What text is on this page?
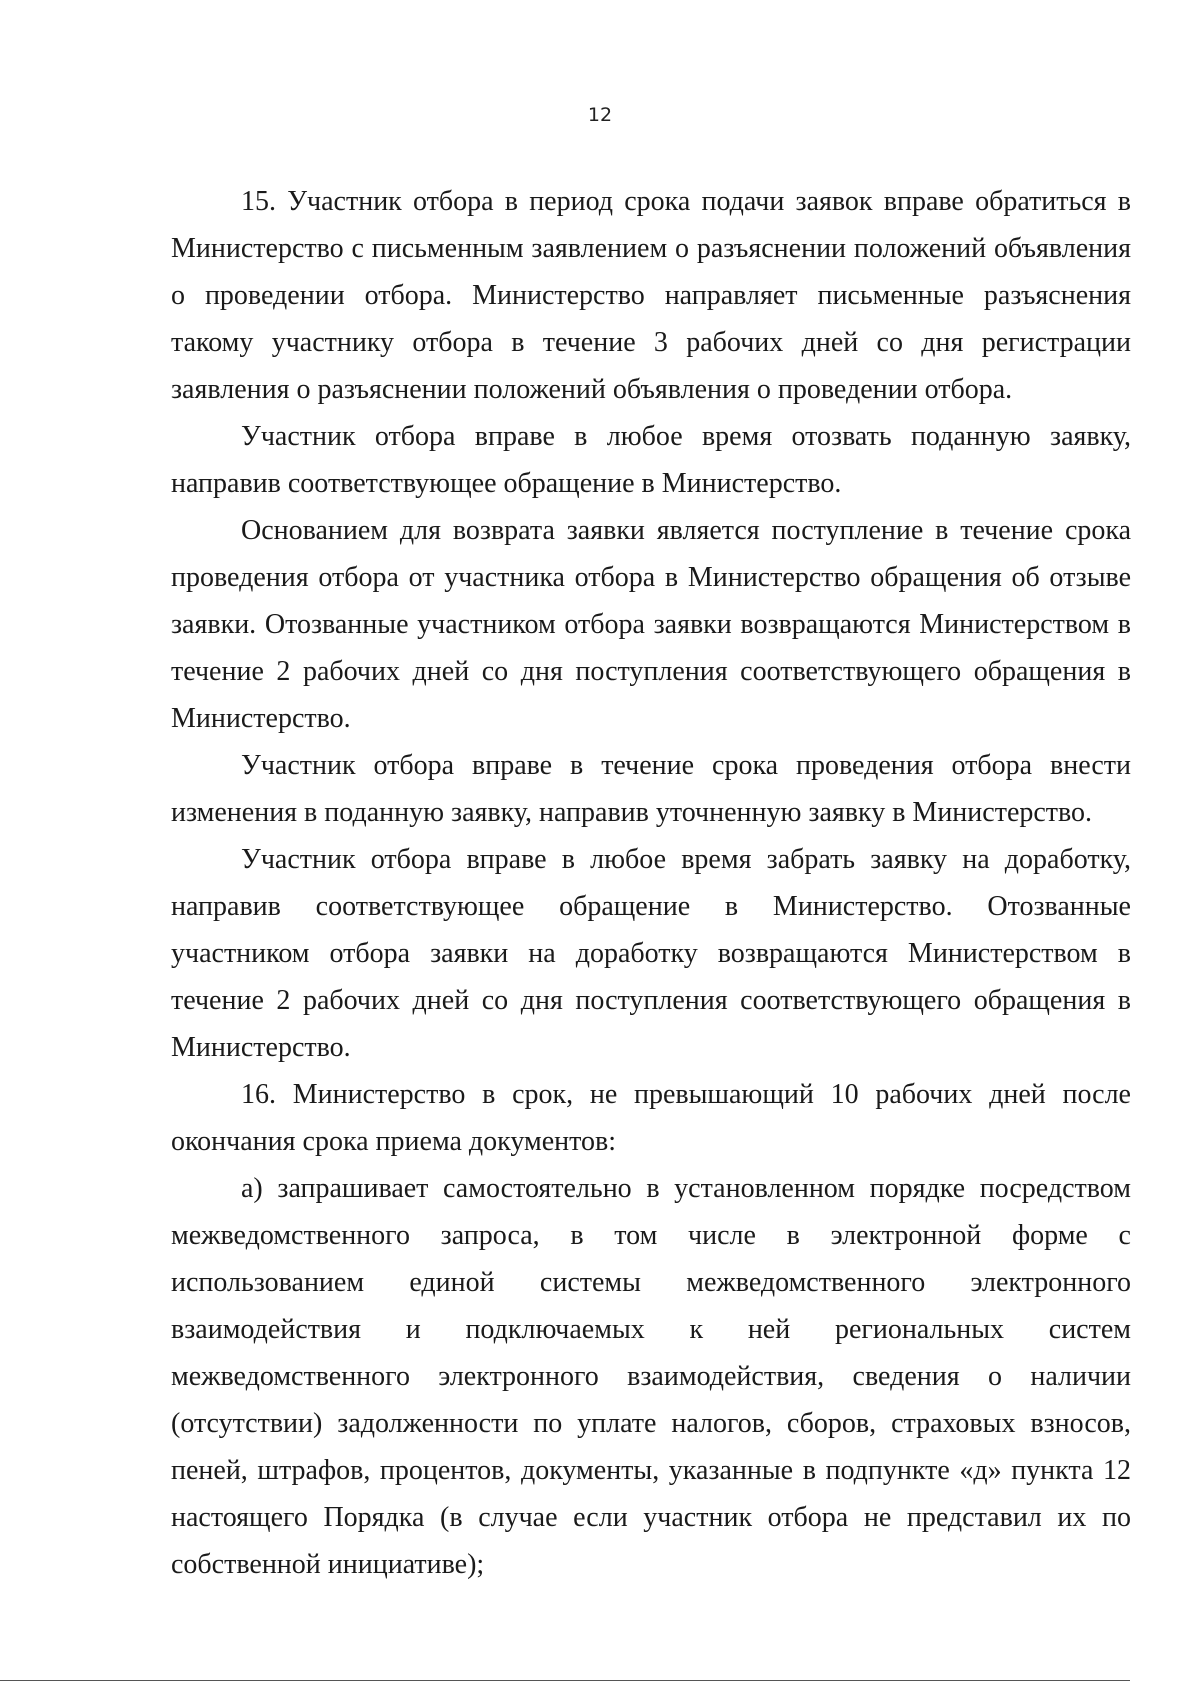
12

15. Участник отбора в период срока подачи заявок вправе обратиться в Министерство с письменным заявлением о разъяснении положений объявления о проведении отбора. Министерство направляет письменные разъяснения такому участнику отбора в течение 3 рабочих дней со дня регистрации заявления о разъяснении положений объявления о проведении отбора.

Участник отбора вправе в любое время отозвать поданную заявку, направив соответствующее обращение в Министерство.

Основанием для возврата заявки является поступление в течение срока проведения отбора от участника отбора в Министерство обращения об отзыве заявки. Отозванные участником отбора заявки возвращаются Министерством в течение 2 рабочих дней со дня поступления соответствующего обращения в Министерство.

Участник отбора вправе в течение срока проведения отбора внести изменения в поданную заявку, направив уточненную заявку в Министерство.

Участник отбора вправе в любое время забрать заявку на доработку, направив соответствующее обращение в Министерство. Отозванные участником отбора заявки на доработку возвращаются Министерством в течение 2 рабочих дней со дня поступления соответствующего обращения в Министерство.

16. Министерство в срок, не превышающий 10 рабочих дней после окончания срока приема документов:

а) запрашивает самостоятельно в установленном порядке посредством межведомственного запроса, в том числе в электронной форме с использованием единой системы межведомственного электронного взаимодействия и подключаемых к ней региональных систем межведомственного электронного взаимодействия, сведения о наличии (отсутствии) задолженности по уплате налогов, сборов, страховых взносов, пеней, штрафов, процентов, документы, указанные в подпункте «д» пункта 12 настоящего Порядка (в случае если участник отбора не представил их по собственной инициативе);
